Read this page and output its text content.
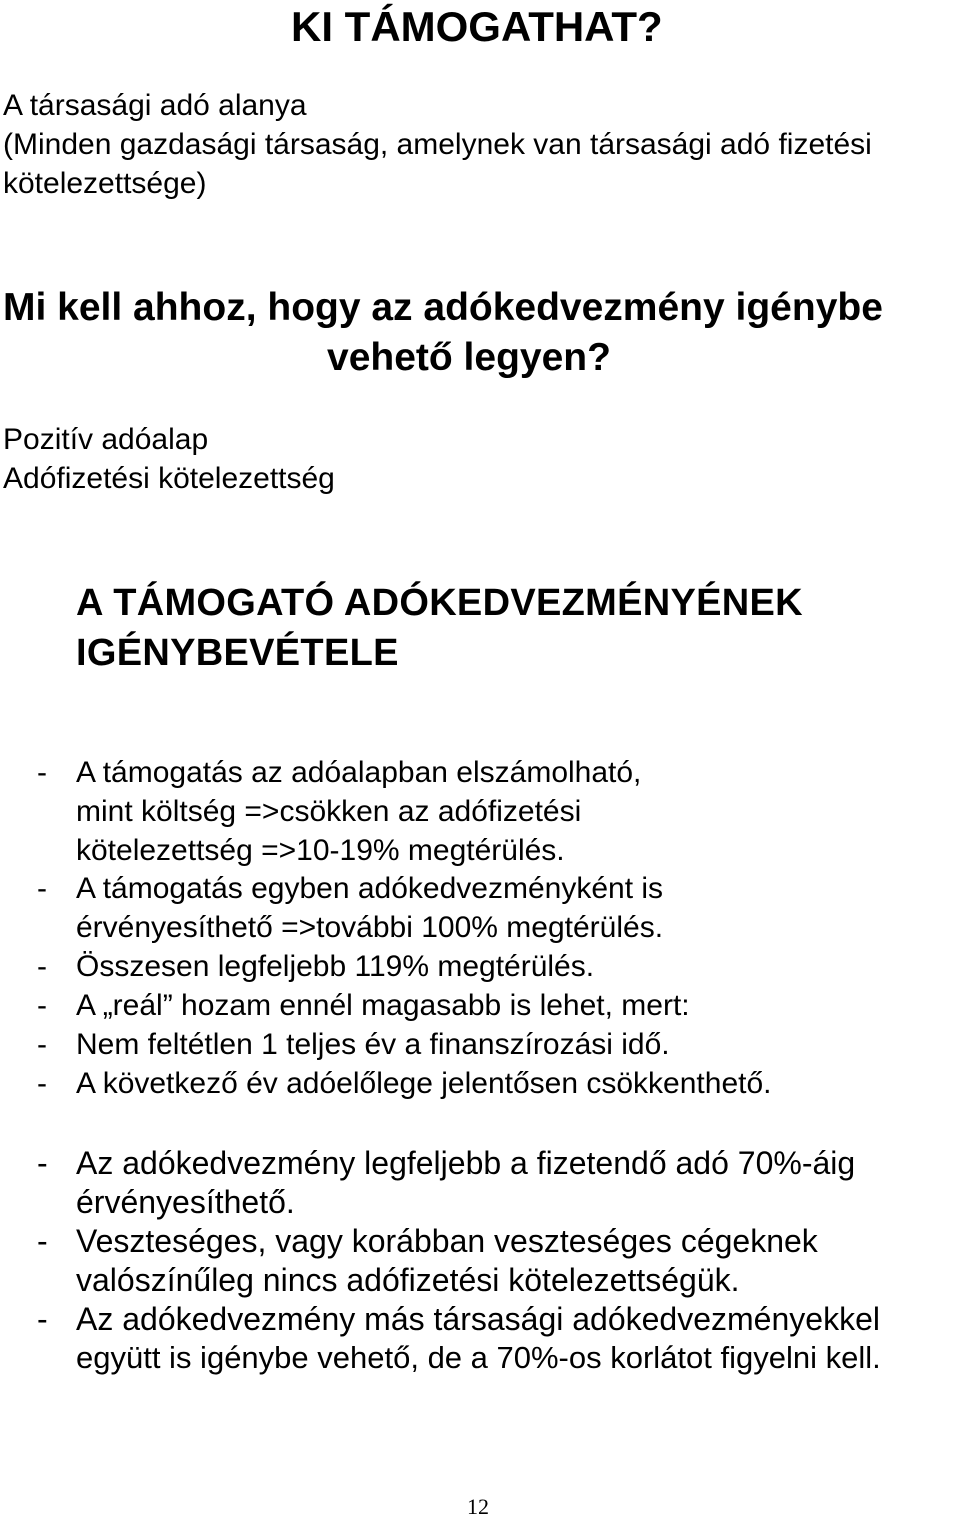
KI TÁMOGATHAT?

A társasági adó alanya

(Minden gazdasági társaság, amelynek van társasági adó fizetési

kötelezettsége)

Mi kell ahhoz, hogy az adókedvezmény igénybe
vehető legyen?

Pozitív adóalap

Adófizetési kötelezettség

A TÁMOGATÓ ADÓKEDVEZMÉNYÉNEK
IGÉNYBEVÉTELE
- A támogatás az adóalapban elszámolható,
mint költség =>csökken az adófizetési
kötelezettség =>10-19% megtérülés.
- A támogatás egyben adókedvezményként is
érvényesíthető =>további 100% megtérülés.
- Összesen legfeljebb 119% megtérülés.
- A „reál” hozam ennél magasabb is lehet, mert:
- Nem feltétlen 1 teljes év a finanszírozási idő.
- A következő év adóelőlege jelentősen csökkenthető.
- Az adókedvezmény legfeljebb a fizetendő adó 70%-áig
érvényesíthető.
- Veszteséges, vagy korábban veszteséges cégeknek
valószínűleg nincs adófizetési kötelezettségük.
- Az adókedvezmény más társasági adókedvezményekkel
együtt is igénybe vehető, de a 70%-os korlátot figyelni kell.
12
